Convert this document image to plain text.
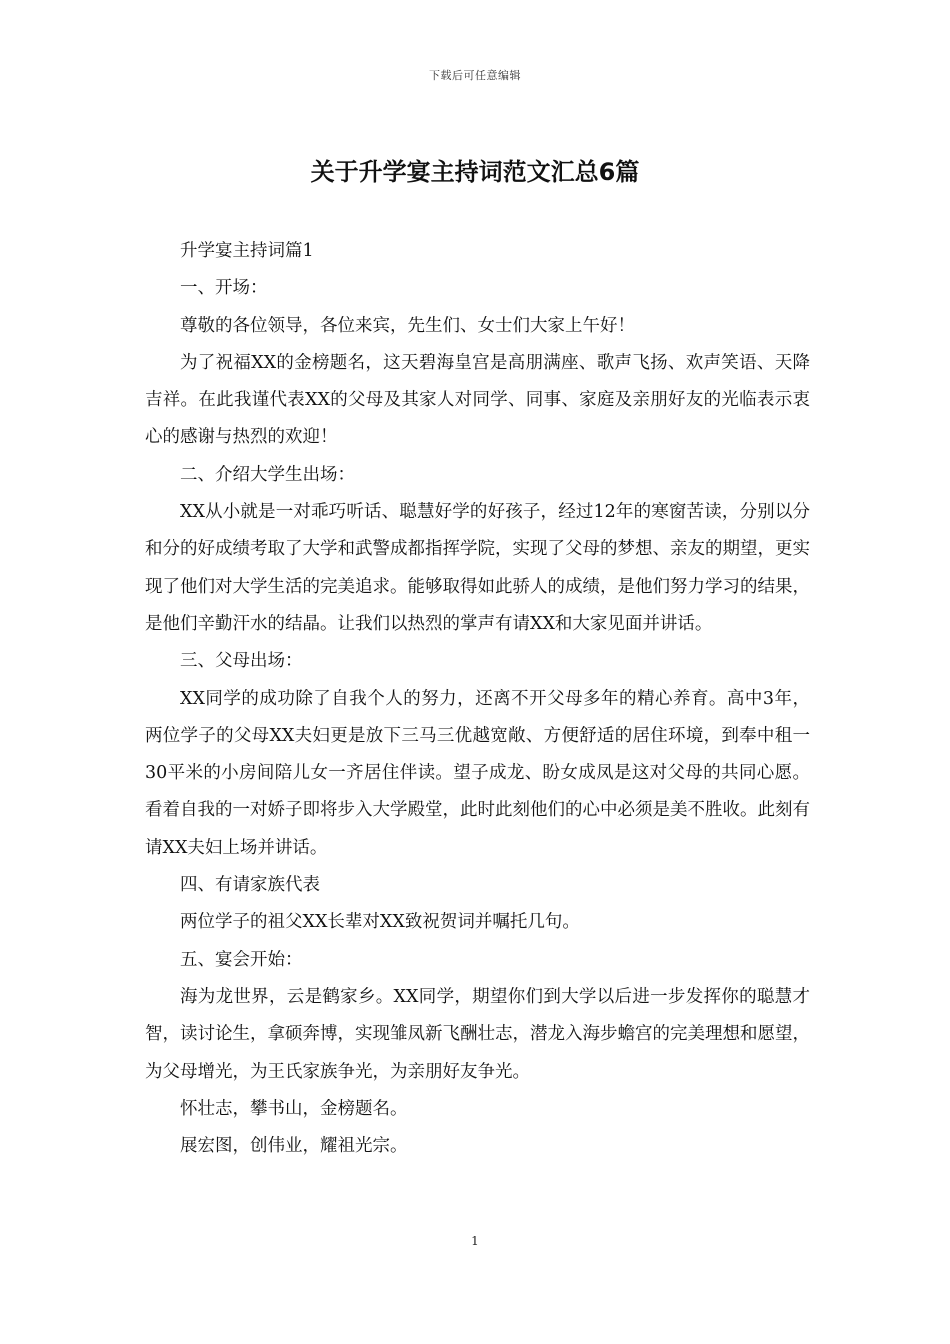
下载后可任意编辑
关于升学宴主持词范文汇总6篇

升学宴主持词篇1

一、开场：

尊敬的各位领导，各位来宾，先生们、女士们大家上午好！

为了祝福XX的金榜题名，这天碧海皇宫是高朋满座、歌声飞扬、欢声笑语、天降吉祥。在此我谨代表XX的父母及其家人对同学、同事、家庭及亲朋好友的光临表示衷心的感谢与热烈的欢迎！

二、介绍大学生出场：

XX从小就是一对乖巧听话、聪慧好学的好孩子，经过12年的寒窗苦读，分别以分和分的好成绩考取了大学和武警成都指挥学院，实现了父母的梦想、亲友的期望，更实现了他们对大学生活的完美追求。能够取得如此骄人的成绩，是他们努力学习的结果，是他们辛勤汗水的结晶。让我们以热烈的掌声有请XX和大家见面并讲话。

三、父母出场：

XX同学的成功除了自我个人的努力，还离不开父母多年的精心养育。高中3年，两位学子的父母XX夫妇更是放下三马三优越宽敞、方便舒适的居住环境，到奉中租一30平米的小房间陪儿女一齐居住伴读。望子成龙、盼女成凤是这对父母的共同心愿。看着自我的一对娇子即将步入大学殿堂，此时此刻他们的心中必须是美不胜收。此刻有请XX夫妇上场并讲话。

四、有请家族代表

两位学子的祖父XX长辈对XX致祝贺词并嘱托几句。

五、宴会开始：

海为龙世界，云是鹤家乡。XX同学，期望你们到大学以后进一步发挥你的聪慧才智，读讨论生，拿硕奔博，实现雏凤新飞酬壮志，潜龙入海步蟾宫的完美理想和愿望，为父母增光，为王氏家族争光，为亲朋好友争光。

怀壮志，攀书山，金榜题名。

展宏图，创伟业，耀祖光宗。

1
